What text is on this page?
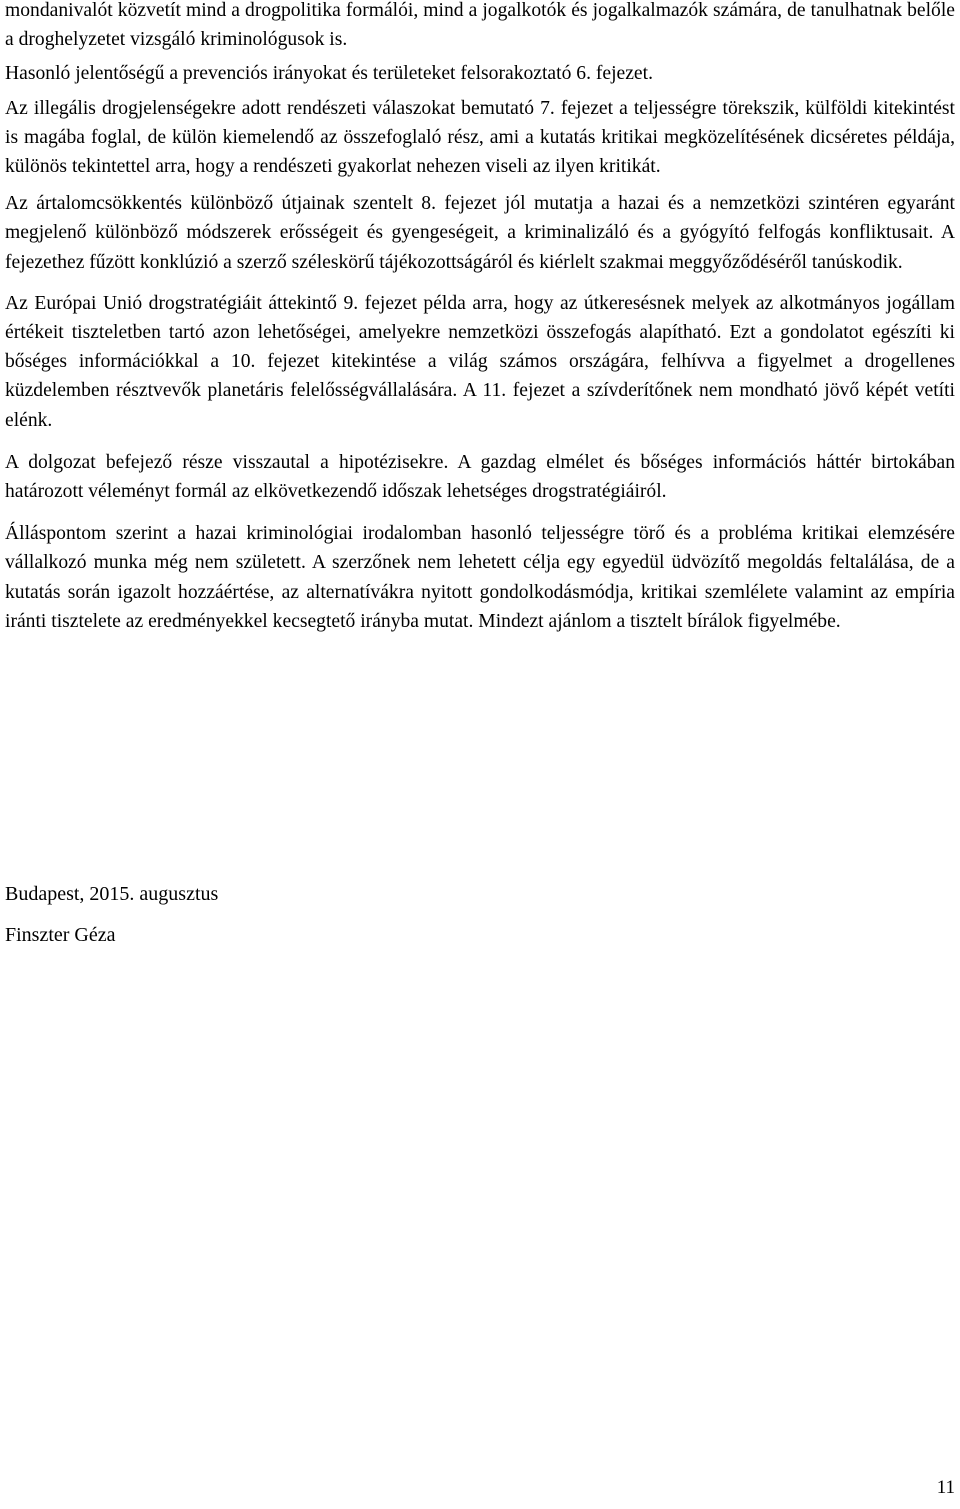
mondanivalót közvetít mind a drogpolitika formálói, mind a jogalkotók és jogalkalmazók számára, de tanulhatnak belőle a droghelyzetet vizsgáló kriminológusok is.

Hasonló jelentőségű a prevenciós irányokat és területeket felsorakoztató 6. fejezet.

Az illegális drogjelenségekre adott rendészeti válaszokat bemutató 7. fejezet a teljességre törekszik, külföldi kitekintést is magába foglal, de külön kiemelendő az összefoglaló rész, ami a kutatás kritikai megközelítésének dicséretes példája, különös tekintettel arra, hogy a rendészeti gyakorlat nehezen viseli az ilyen kritikát.

Az ártalomcsökkentés különböző útjainak szentelt 8. fejezet jól mutatja a hazai és a nemzetközi szintéren egyaránt megjelenő különböző módszerek erősségeit és gyengeségeit, a kriminalizáló és a gyógyító felfogás konfliktusait. A fejezethez fűzött konklúzió a szerző széleskörű tájékozottságáról és kiérlelt szakmai meggyőződéséről tanúskodik.

Az Európai Unió drogstratégiáit áttekintő 9. fejezet példa arra, hogy az útkeresésnek melyek az alkotmányos jogállam értékeit tiszteletben tartó azon lehetőségei, amelyekre nemzetközi összefogás alapítható. Ezt a gondolatot egészíti ki bőséges információkkal a 10. fejezet kitekintése a világ számos országára, felhívva a figyelmet a drogellenes küzdelemben résztvevők planetáris felelősségvállalására. A 11. fejezet a szívderítőnek nem mondható jövő képét vetíti elénk.

A dolgozat befejező része visszautal a hipotézisekre. A gazdag elmélet és bőséges információs háttér birtokában határozott véleményt formál az elkövetkezendő időszak lehetséges drogstratégiáiról.

Álláspontom szerint a hazai kriminológiai irodalomban hasonló teljességre törő és a probléma kritikai elemzésére vállalkozó munka még nem született. A szerzőnek nem lehetett célja egy egyedül üdvözítő megoldás feltalálása, de a kutatás során igazolt hozzáértése, az alternatívákra nyitott gondolkodásmódja, kritikai szemlélete valamint az empíria iránti tisztelete az eredményekkel kecsegtető irányba mutat. Mindezt ajánlom a tisztelt bírálok figyelmébe.

Budapest, 2015. augusztus
Finszter Géza
11
